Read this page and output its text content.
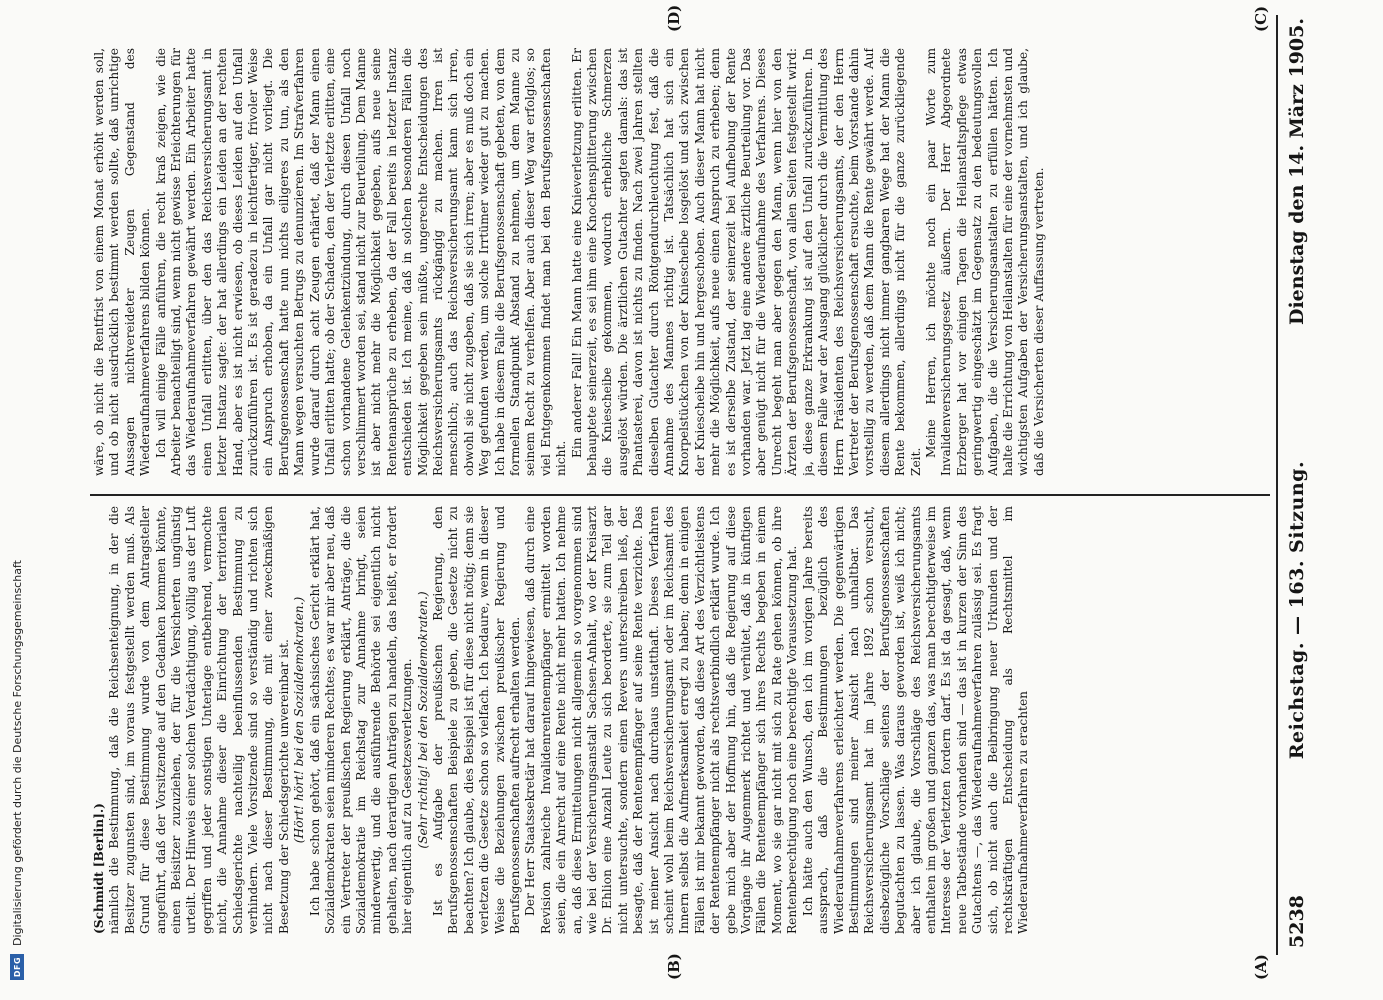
DFG
Digitalisierung gefördert durch die Deutsche Forschungsgemeinschaft	5238
Reichstag. — 163. Sitzung.
Dienstag den 14. März 1905.
(A)
(B)
(C)
(D)

(Schmidt [Berlin].) nämlich die Bestimmung, daß die Reichsenteignung, in der die Besitzer zugunsten sind, im voraus festgestellt werden muß. Als Grund für diese Bestimmung wurde von dem Antragsteller angeführt, daß der Vorsitzende auf den Gedanken kommen könnte, einen Beisitzer zuzuziehen, der für die Versicherten ungünstig urteilt. Der Hinweis einer solchen Verdächtigung, völlig aus der Luft gegriffen und jeder sonstigen Unterlage entbehrend, vermochte nicht, die Annahme dieser die Einrichtung der territorialen Schiedsgerichte nachteilig beeinflussenden Bestimmung zu verhindern. Viele Vorsitzende sind so verständig und richten sich nicht nach dieser Bestimmung, die mit einer zweckmäßigen Besetzung der Schiedsgerichte unvereinbar ist. (Hört! hört! bei den Sozialdemokraten.) Ich habe schon gehört, daß ein sächsisches Gericht erklärt hat, Sozialdemokraten seien minderen Rechtes; es war mir aber neu, daß ein Vertreter der preußischen Regierung erklärt, Anträge, die die Sozialdemokratie im Reichstag zur Annahme bringt, seien minderwertig, und die ausführende Behörde sei eigentlich nicht gehalten, nach derartigen Anträgen zu handeln, das heißt, er fordert hier eigentlich auf zu Gesetzesverletzungen. (Sehr richtig! bei den Sozialdemokraten.) Ist es Aufgabe der preußischen Regierung, den Berufsgenossenschaften Beispiele zu geben, die Gesetze nicht zu beachten? Ich glaube, dies Beispiel ist für diese nicht nötig; denn sie verletzen die Gesetze schon so vielfach. Ich bedaure, wenn in dieser Weise die Beziehungen zwischen preußischer Regierung und Berufsgenossenschaften aufrecht erhalten werden. Der Herr Staatssekretär hat darauf hingewiesen, daß durch eine Revision zahlreiche Invalidenrentenempfänger ermittelt worden seien, die ein Anrecht auf eine Rente nicht mehr hatten. Ich nehme an, daß diese Ermittelungen nicht allgemein so vorgenommen sind wie bei der Versicherungsanstalt Sachsen-Anhalt, wo der Kreisarzt Dr. Ehlion eine Anzahl Leute zu sich beorderte, sie zum Teil gar nicht untersuchte, sondern einen Revers unterschreiben ließ, der besagte, daß der Rentenempfänger auf seine Rente verzichte. Das ist meiner Ansicht nach durchaus unstatthaft. Dieses Verfahren scheint wohl beim Reichsversicherungsamt oder im Reichsamt des Innern selbst die Aufmerksamkeit erregt zu haben; denn in einigen Fällen ist mir bekannt geworden, daß diese Art des Verzichtleistens der Rentenempfänger nicht als rechtsverbindlich erklärt wurde. Ich gebe mich aber der Hoffnung hin, daß die Regierung auf diese Vorgänge ihr Augenmerk richtet und verhütet, daß in künftigen Fällen die Rentenempfänger sich ihres Rechts begeben in einem Moment, wo sie gar nicht mit sich zu Rate gehen können, ob ihre Rentenberechtigung noch eine berechtigte Voraussetzung hat. Ich hätte auch den Wunsch, den ich im vorigen Jahre bereits aussprach, daß die Bestimmungen bezüglich des Wiederaufnahmeverfahrens erleichtert werden. Die gegenwärtigen Bestimmungen sind meiner Ansicht nach unhaltbar. Das Reichsversicherungsamt hat im Jahre 1892 schon versucht, diesbezügliche Vorschläge seitens der Berufsgenossenschaften begutachten zu lassen. Was daraus geworden ist, weiß ich nicht; aber ich glaube, die Vorschläge des Reichsversicherungsamts enthalten im großen und ganzen das, was man berechtigterweise im Interesse der Verletzten fordern darf. Es ist da gesagt, daß, wenn neue Tatbestände vorhanden sind — das ist in kurzen der Sinn des Gutachtens —, das Wiederaufnahmeverfahren zulässig sei. Es fragt sich, ob nicht auch die Beibringung neuer Urkunden und der rechtskräftigen Entscheidung als Rechtsmittel im Wiederaufnahmeverfahren zu erachten

wäre, ob nicht die Rentfrist von einem Monat erhöht werden soll, und ob nicht ausdrücklich bestimmt werden sollte, daß unrichtige Aussagen nichtvereideter Zeugen Gegenstand des Wiederaufnahmeverfahrens bilden können. Ich will einige Fälle anführen, die recht kraß zeigen, wie die Arbeiter benachteiligt sind, wenn nicht gewisse Erleichterungen für das Wiederaufnahmeverfahren gewährt werden. Ein Arbeiter hatte einen Unfall erlitten, über den das Reichsversicherungsamt in letzter Instanz sagte: der hat allerdings ein Leiden an der rechten Hand, aber es ist nicht erwiesen, ob dieses Leiden auf den Unfall zurückzuführen ist. Es ist geradezu in leichtfertiger, frivoler Weise ein Anspruch erhoben, da ein Unfall gar nicht vorliegt. Die Berufsgenossenschaft hatte nun nichts eiligeres zu tun, als den Mann wegen versuchten Betrugs zu denunzieren. Im Strafverfahren wurde darauf durch acht Zeugen erhärtet, daß der Mann einen Unfall erlitten hatte; ob der Schaden, den der Verletzte erlitten, eine schon vorhandene Gelenkentzündung, durch diesen Unfall noch verschlimmert worden sei, stand nicht zur Beurteilung. Dem Manne ist aber nicht mehr die Möglichkeit gegeben, aufs neue seine Rentenansprüche zu erheben, da der Fall bereits in letzter Instanz entschieden ist. Ich meine, daß in solchen besonderen Fällen die Möglichkeit gegeben sein müßte, ungerechte Entscheidungen des Reichsversicherungsamts rückgängig zu machen. Irren ist menschlich; auch das Reichsversicherungsamt kann sich irren, obwohl sie nicht zugeben, daß sie sich irren; aber es muß doch ein Weg gefunden werden, um solche Irrtümer wieder gut zu machen. Ich habe in diesem Falle die Berufsgenossenschaft gebeten, von dem formellen Standpunkt Abstand zu nehmen, um dem Manne zu seinem Recht zu verhelfen. Aber auch dieser Weg war erfolglos; so viel Entgegenkommen findet man bei den Berufsgenossenschaften nicht.

Ein anderer Fall! Ein Mann hatte eine Knieverletzung erlitten. Er behauptete seinerzeit, es sei ihm eine Knochensplitterung zwischen die Kniescheibe gekommen, wodurch erhebliche Schmerzen ausgelöst würden. Die ärztlichen Gutachter sagten damals: das ist Phantasterei, davon ist nichts zu finden. Nach zwei Jahren stellten dieselben Gutachter durch Röntgendurchleuchtung fest, daß die Annahme des Mannes richtig ist. Tatsächlich hat sich ein Knorpelstückchen von der Kniescheibe losgelöst und sich zwischen der Kniescheibe hin und hergeschoben. Auch dieser Mann hat nicht mehr die Möglichkeit, aufs neue einen Anspruch zu erheben; denn es ist derselbe Zustand, der seinerzeit bei Aufhebung der Rente vorhanden war. Jetzt lag eine andere ärztliche Beurteilung vor. Das aber genügt nicht für die Wiederaufnahme des Verfahrens. Dieses Unrecht begeht man aber gegen den Mann, wenn hier von den Ärzten der Berufsgenossenschaft, von allen Seiten festgestellt wird: ja, diese ganze Erkrankung ist auf den Unfall zurückzuführen. In diesem Falle war der Ausgang glücklicher durch die Vermittlung des Herrn Präsidenten des Reichsversicherungsamts, der den Herrn Vertreter der Berufsgenossenschaft ersuchte, beim Vorstande dahin vorstellig zu werden, daß dem Mann die Rente gewährt werde. Auf diesem allerdings nicht immer gangbaren Wege hat der Mann die Rente bekommen, allerdings nicht für die ganze zurückliegende Zeit.

Meine Herren, ich möchte noch ein paar Worte zum Invalidenversicherungsgesetz äußern. Der Herr Abgeordnete Erzberger hat vor einigen Tagen die Heilanstaltspflege etwas geringwertig eingeschätzt im Gegensatz zu den bedeutungsvollen Aufgaben, die die Versicherungsanstalten zu erfüllen hätten. Ich halte die Errichtung von Heilanstalten für eine der vornehmsten und wichtigsten Aufgaben der Versicherungsanstalten, und ich glaube, daß die Versicherten dieser Auffassung vertreten.
